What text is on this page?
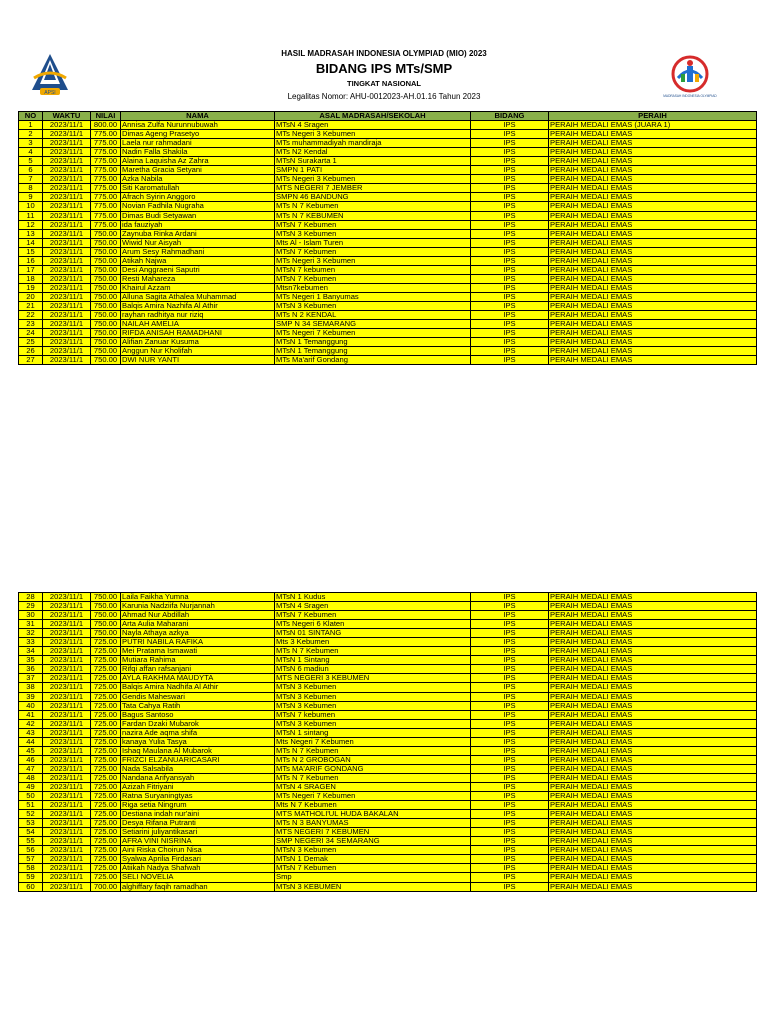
APSI	MADRASAH INDONESIA OLYMPIAD
HASIL MADRASAH INDONESIA OLYMPIAD (MIO) 2023
BIDANG IPS MTs/SMP
TINGKAT NASIONAL
Legalitas Nomor: AHU-0012023-AH.01.16 Tahun 2023
NO	WAKTU	NILAI	NAMA	ASAL MADRASAH/SEKOLAH	BIDANG	PERAIH
1	2023/11/1	800.00	Annisa Zulfa Nurunnubuwah	MTsN 4 Sragen	IPS	PERAIH MEDALI EMAS (JUARA 1)
2	2023/11/1	775.00	Dimas Ageng Prasetyo	MTs Negeri 3 Kebumen	IPS	PERAIH MEDALI EMAS
3	2023/11/1	775.00	Laela nur rahmadani	MTs muhammadiyah mandiraja	IPS	PERAIH MEDALI EMAS
4	2023/11/1	775.00	Nadin Falla Shakila	MTs N2 Kendal	IPS	PERAIH MEDALI EMAS
5	2023/11/1	775.00	Alaina Laquisha Az Zahra	MTsN Surakarta 1	IPS	PERAIH MEDALI EMAS
6	2023/11/1	775.00	Maretha Gracia Setyani	SMPN 1 PATI	IPS	PERAIH MEDALI EMAS
7	2023/11/1	775.00	Azka Nabila	MTs Negeri 3 Kebumen	IPS	PERAIH MEDALI EMAS
8	2023/11/1	775.00	Siti Karomatullah	MTS NEGERI 7 JEMBER	IPS	PERAIH MEDALI EMAS
9	2023/11/1	775.00	Afrach Syirin Anggoro	SMPN 46 BANDUNG	IPS	PERAIH MEDALI EMAS
10	2023/11/1	775.00	Novian Fadhila Nugraha	MTs N 7 Kebumen	IPS	PERAIH MEDALI EMAS
11	2023/11/1	775.00	Dimas Budi Setyawan	MTs N 7 KEBUMEN	IPS	PERAIH MEDALI EMAS
12	2023/11/1	775.00	ida fauziyah	MTsN 7 Kebumen	IPS	PERAIH MEDALI EMAS
13	2023/11/1	750.00	Zaynuba Rinka Ardani	MTsN 3 Kebumen	IPS	PERAIH MEDALI EMAS
14	2023/11/1	750.00	Wiwid Nur Aisyah	Mts Al - Islam Turen	IPS	PERAIH MEDALI EMAS
15	2023/11/1	750.00	Arum Sesy Rahmadhani	MTsN 7 Kebumen	IPS	PERAIH MEDALI EMAS
16	2023/11/1	750.00	Atikah Najwa	MTs Negeri 3 Kebumen	IPS	PERAIH MEDALI EMAS
17	2023/11/1	750.00	Desi Anggraeni Saputri	MTsN 7 kebumen	IPS	PERAIH MEDALI EMAS
18	2023/11/1	750.00	Resti Mahareza	MTsN 7 Kebumen	IPS	PERAIH MEDALI EMAS
19	2023/11/1	750.00	Khairul Azzam	Mtsn7kebumen	IPS	PERAIH MEDALI EMAS
20	2023/11/1	750.00	Alluna Sagita Athalea Muhammad	MTs Negeri 1 Banyumas	IPS	PERAIH MEDALI EMAS
21	2023/11/1	750.00	Balqis Amira Nazhifa Al Athir	MTsN 3 Kebumen	IPS	PERAIH MEDALI EMAS
22	2023/11/1	750.00	rayhan radhitya nur riziq	MTs N 2 KENDAL	IPS	PERAIH MEDALI EMAS
23	2023/11/1	750.00	NAILAH AMELIA	SMP N 34 SEMARANG	IPS	PERAIH MEDALI EMAS
24	2023/11/1	750.00	RIFDA ANISAH RAMADHANI	MTs Negeri 7 Kebumen	IPS	PERAIH MEDALI EMAS
25	2023/11/1	750.00	Alifian Zanuar Kusuma	MTsN 1 Temanggung	IPS	PERAIH MEDALI EMAS
26	2023/11/1	750.00	Anggun Nur Kholifah	MTsN 1 Temanggung	IPS	PERAIH MEDALI EMAS
27	2023/11/1	750.00	DWI NUR YANTI	MTs Ma'arif Gondang	IPS	PERAIH MEDALI EMAS
28	2023/11/1	750.00	Laila Faikha Yumna	MTsN 1 Kudus	IPS	PERAIH MEDALI EMAS
29	2023/11/1	750.00	Karunia Nadziifa Nurjannah	MTsN 4 Sragen	IPS	PERAIH MEDALI EMAS
30	2023/11/1	750.00	Ahmad Nur Abdillah	MTsN 7 Kebumen	IPS	PERAIH MEDALI EMAS
31	2023/11/1	750.00	Arta Aulia Maharani	MTs Negeri 6 Klaten	IPS	PERAIH MEDALI EMAS
32	2023/11/1	750.00	Nayla Athaya azkya	MTsN 01 SINTANG	IPS	PERAIH MEDALI EMAS
33	2023/11/1	725.00	PUTRI NABILA RAFIKA	Mts 3 Kebumen	IPS	PERAIH MEDALI EMAS
34	2023/11/1	725.00	Mei Pratama Ismawati	MTs N 7 Kebumen	IPS	PERAIH MEDALI EMAS
35	2023/11/1	725.00	Mutiara Rahima	MTsN 1 Sintang	IPS	PERAIH MEDALI EMAS
36	2023/11/1	725.00	Rifqi affan rafsanjani	MTsN 6 madiun	IPS	PERAIH MEDALI EMAS
37	2023/11/1	725.00	AYLA RAKHMA MAUDYTA	MTS NEGERI 3 KEBUMEN	IPS	PERAIH MEDALI EMAS
38	2023/11/1	725.00	Balqis Amira Nadhifa Al Athir	MTsN 3 Kebumen	IPS	PERAIH MEDALI EMAS
39	2023/11/1	725.00	Gendis Maheswari	MTsN 3 Kebumen	IPS	PERAIH MEDALI EMAS
40	2023/11/1	725.00	Tata Cahya Ratih	MTsN 3 Kebumen	IPS	PERAIH MEDALI EMAS
41	2023/11/1	725.00	Bagus Santoso	MTsN 7 kebumen	IPS	PERAIH MEDALI EMAS
42	2023/11/1	725.00	Fardan Dzaki Mubarok	MTsN 3 Kebumen	IPS	PERAIH MEDALI EMAS
43	2023/11/1	725.00	nazira Ade aqma shifa	MTsN 1 sintang	IPS	PERAIH MEDALI EMAS
44	2023/11/1	725.00	kanaya Yulia Tasya	Mts Negeri 7 Kebumen	IPS	PERAIH MEDALI EMAS
45	2023/11/1	725.00	Ishaq Maulana Al Mubarok	MTs N 7 Kebumen	IPS	PERAIH MEDALI EMAS
46	2023/11/1	725.00	FRIZCI ELZANUARICASARI	MTs N 2 GROBOGAN	IPS	PERAIH MEDALI EMAS
47	2023/11/1	725.00	Nada Salsabila	MTs MA'ARIF GONDANG	IPS	PERAIH MEDALI EMAS
48	2023/11/1	725.00	Nandana Arifyansyah	MTs N 7 Kebumen	IPS	PERAIH MEDALI EMAS
49	2023/11/1	725.00	Azizah Fitriyani	MTsN 4 SRAGEN	IPS	PERAIH MEDALI EMAS
50	2023/11/1	725.00	Ratna Suryaningtyas	MTs Negeri 7 Kebumen	IPS	PERAIH MEDALI EMAS
51	2023/11/1	725.00	Riga setia Ningrum	Mts N 7 Kebumen	IPS	PERAIH MEDALI EMAS
52	2023/11/1	725.00	Destiana indah nur'aini	MTS MATHOLI'UL HUDA BAKALAN	IPS	PERAIH MEDALI EMAS
53	2023/11/1	725.00	Desya Rifana Putranti	MTs N 3 BANYUMAS	IPS	PERAIH MEDALI EMAS
54	2023/11/1	725.00	Setiarini juliyantikasari	MTS NEGERI 7 KEBUMEN	IPS	PERAIH MEDALI EMAS
55	2023/11/1	725.00	AFRA VINI NISRINA	SMP NEGERI 34 SEMARANG	IPS	PERAIH MEDALI EMAS
56	2023/11/1	725.00	Aini Riska Choirun Nisa	MTsN 3 Kebumen	IPS	PERAIH MEDALI EMAS
57	2023/11/1	725.00	Syalwa Aprilia Firdasari	MTsN 1 Demak	IPS	PERAIH MEDALI EMAS
58	2023/11/1	725.00	Atiikah Nadya Shafwah	MTsN 7 Kebumen	IPS	PERAIH MEDALI EMAS
59	2023/11/1	725.00	SELI NOVELIA	Smp	IPS	PERAIH MEDALI EMAS
60	2023/11/1	700.00	alghiffary faqih ramadhan	MTsN 3 KEBUMEN	IPS	PERAIH MEDALI EMAS
